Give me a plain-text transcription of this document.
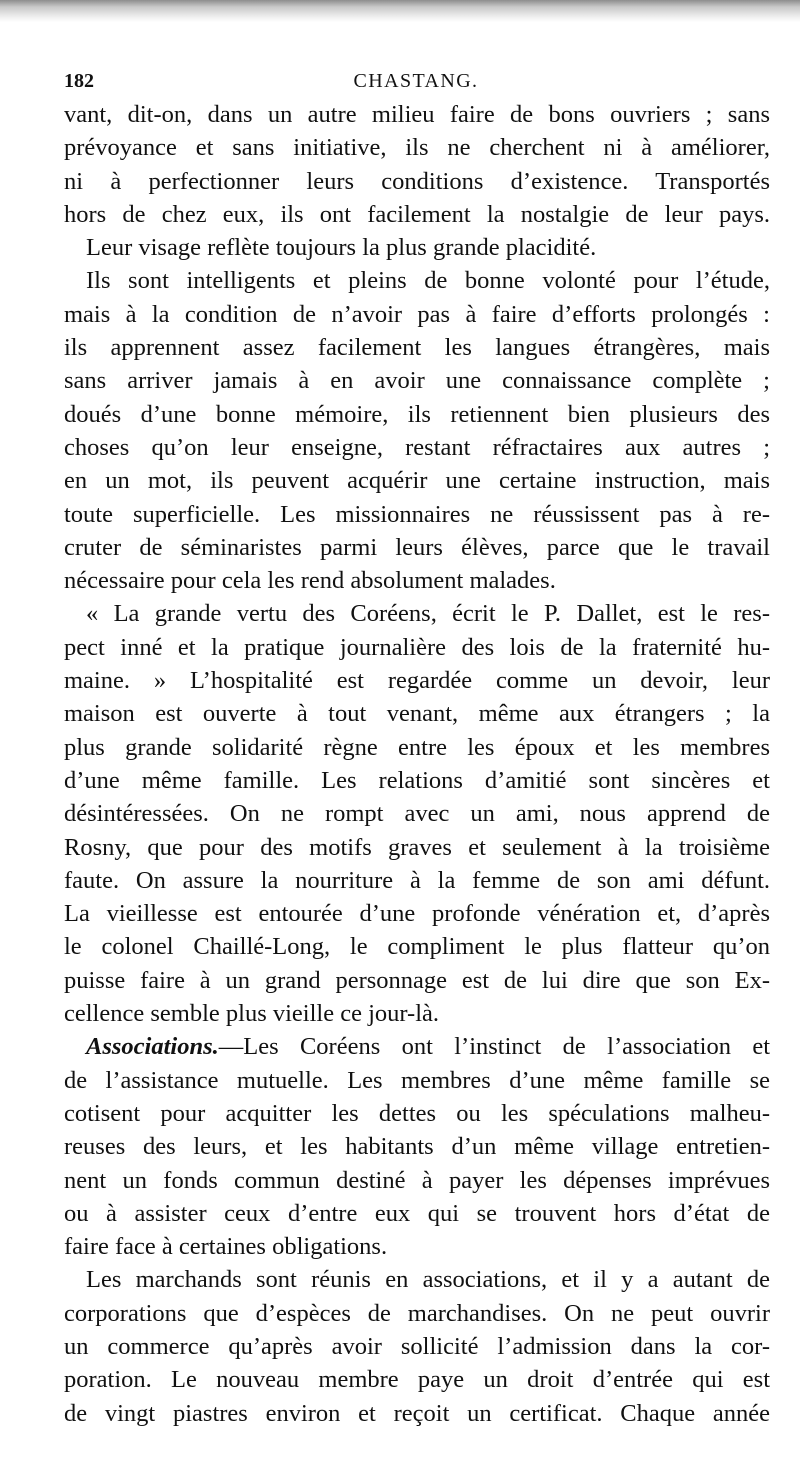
182	CHASTANG.
vant, dit-on, dans un autre milieu faire de bons ouvriers ; sans
prévoyance et sans initiative, ils ne cherchent ni à améliorer,
ni à perfectionner leurs conditions d’existence. Transportés
hors de chez eux, ils ont facilement la nostalgie de leur pays.
Leur visage reflète toujours la plus grande placidité.
Ils sont intelligents et pleins de bonne volonté pour l’étude,
mais à la condition de n’avoir pas à faire d’efforts prolongés :
ils apprennent assez facilement les langues étrangères, mais
sans arriver jamais à en avoir une connaissance complète ;
doués d’une bonne mémoire, ils retiennent bien plusieurs des
choses qu’on leur enseigne, restant réfractaires aux autres ;
en un mot, ils peuvent acquérir une certaine instruction, mais
toute superficielle. Les missionnaires ne réussissent pas à re-
cruter de séminaristes parmi leurs élèves, parce que le travail
nécessaire pour cela les rend absolument malades.
« La grande vertu des Coréens, écrit le P. Dallet, est le res-
pect inné et la pratique journalière des lois de la fraternité hu-
maine. » L’hospitalité est regardée comme un devoir, leur
maison est ouverte à tout venant, même aux étrangers ; la
plus grande solidarité règne entre les époux et les membres
d’une même famille. Les relations d’amitié sont sincères et
désintéressées. On ne rompt avec un ami, nous apprend de
Rosny, que pour des motifs graves et seulement à la troisième
faute. On assure la nourriture à la femme de son ami défunt.
La vieillesse est entourée d’une profonde vénération et, d’après
le colonel Chaillé-Long, le compliment le plus flatteur qu’on
puisse faire à un grand personnage est de lui dire que son Ex-
cellence semble plus vieille ce jour-là.
Associations.—Les Coréens ont l’instinct de l’association et
de l’assistance mutuelle. Les membres d’une même famille se
cotisent pour acquitter les dettes ou les spéculations malheu-
reuses des leurs, et les habitants d’un même village entretien-
nent un fonds commun destiné à payer les dépenses imprévues
ou à assister ceux d’entre eux qui se trouvent hors d’état de
faire face à certaines obligations.
Les marchands sont réunis en associations, et il y a autant de
corporations que d’espèces de marchandises. On ne peut ouvrir
un commerce qu’après avoir sollicité l’admission dans la cor-
poration. Le nouveau membre paye un droit d’entrée qui est
de vingt piastres environ et reçoit un certificat. Chaque année
